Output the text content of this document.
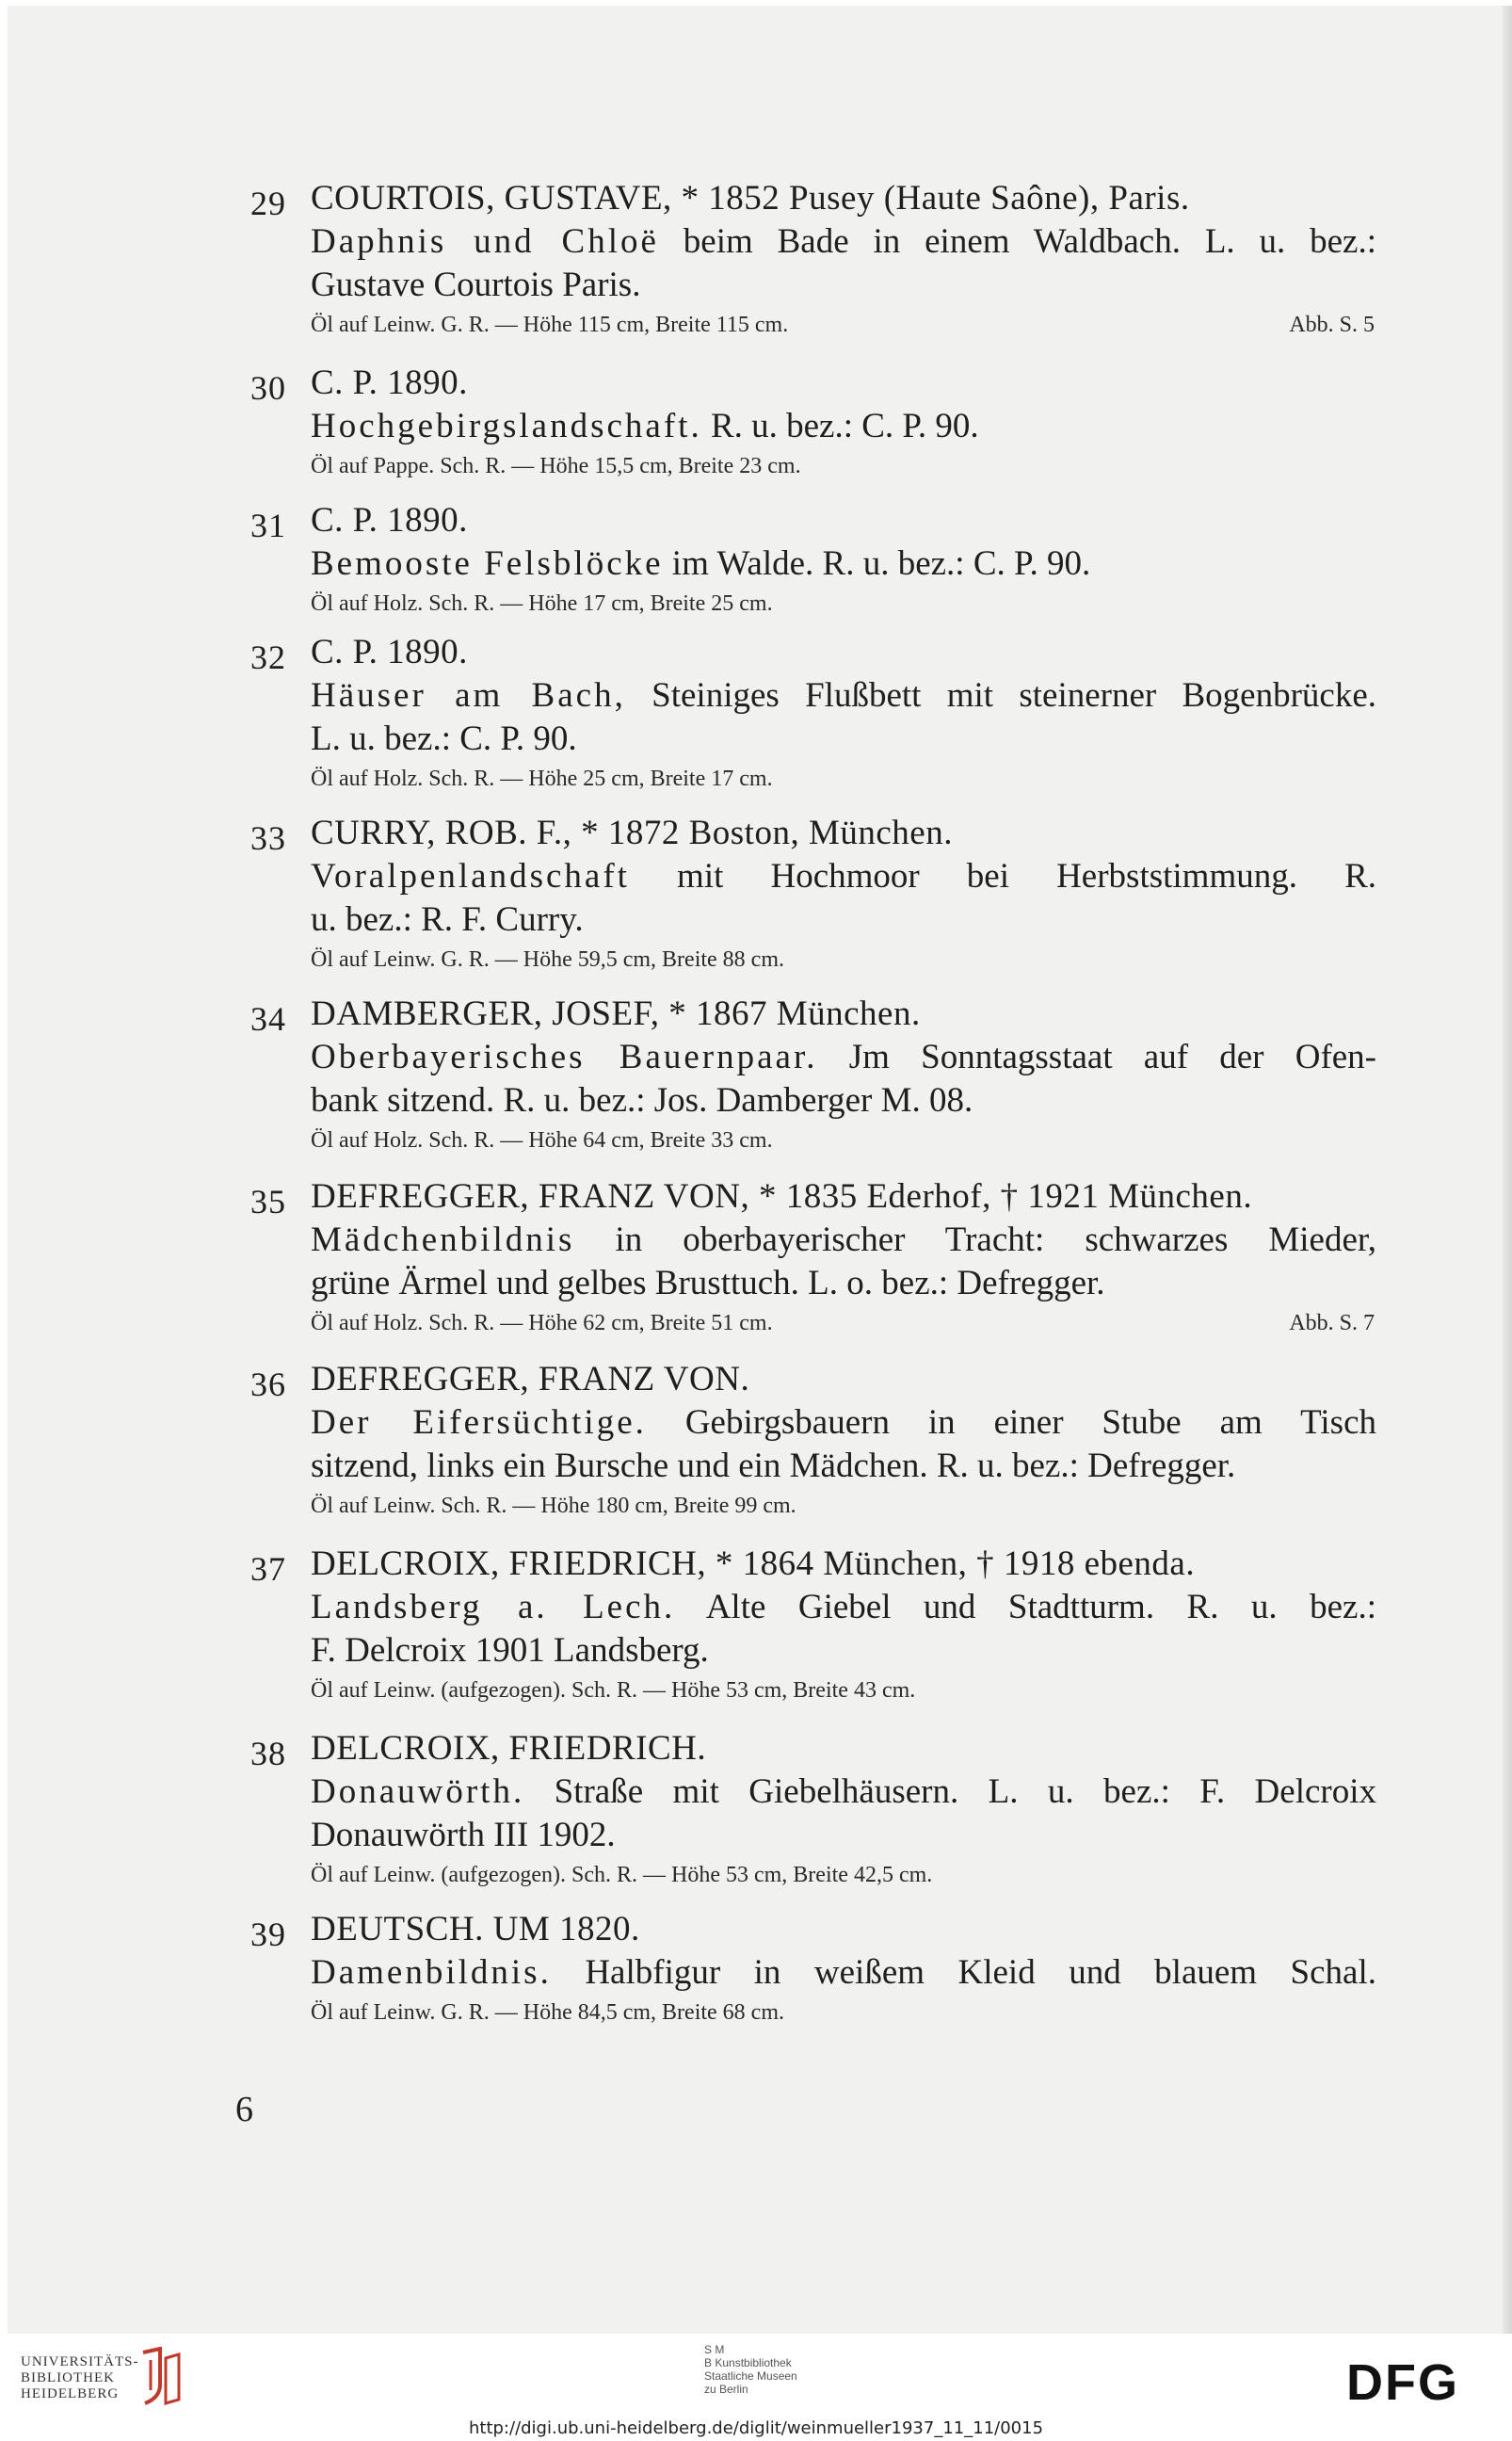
29 COURTOIS, GUSTAVE, * 1852 Pusey (Haute Saône), Paris.
Daphnis und Chloë beim Bade in einem Waldbach. L. u. bez.:
Gustave Courtois Paris.
Öl auf Leinw. G. R. — Höhe 115 cm, Breite 115 cm.	Abb. S. 5
30 C. P. 1890.
Hochgebirgslandschaft. R. u. bez.: C. P. 90.
Öl auf Pappe. Sch. R. — Höhe 15,5 cm, Breite 23 cm.
31 C. P. 1890.
Bemooste Felsblöcke im Walde. R. u. bez.: C. P. 90.
Öl auf Holz. Sch. R. — Höhe 17 cm, Breite 25 cm.
32 C. P. 1890.
Häuser am Bach, Steiniges Flußbett mit steinerner Bogenbrücke.
L. u. bez.: C. P. 90.
Öl auf Holz. Sch. R. — Höhe 25 cm, Breite 17 cm.
33 CURRY, ROB. F., * 1872 Boston, München.
Voralpenlandschaft mit Hochmoor bei Herbststimmung. R.
u. bez.: R. F. Curry.
Öl auf Leinw. G. R. — Höhe 59,5 cm, Breite 88 cm.
34 DAMBERGER, JOSEF, * 1867 München.
Oberbayerisches Bauernpaar. Jm Sonntagsstaat auf der Ofen-
bank sitzend. R. u. bez.: Jos. Damberger M. 08.
Öl auf Holz. Sch. R. — Höhe 64 cm, Breite 33 cm.
35 DEFREGGER, FRANZ VON, * 1835 Ederhof, † 1921 München.
Mädchenbildnis in oberbayerischer Tracht: schwarzes Mieder,
grüne Ärmel und gelbes Brusttuch. L. o. bez.: Defregger.
Öl auf Holz. Sch. R. — Höhe 62 cm, Breite 51 cm.	Abb. S. 7
36 DEFREGGER, FRANZ VON.
Der Eifersüchtige. Gebirgsbauern in einer Stube am Tisch
sitzend, links ein Bursche und ein Mädchen. R. u. bez.: Defregger.
Öl auf Leinw. Sch. R. — Höhe 180 cm, Breite 99 cm.
37 DELCROIX, FRIEDRICH, * 1864 München, † 1918 ebenda.
Landsberg a. Lech. Alte Giebel und Stadtturm. R. u. bez.:
F. Delcroix 1901 Landsberg.
Öl auf Leinw. (aufgezogen). Sch. R. — Höhe 53 cm, Breite 43 cm.
38 DELCROIX, FRIEDRICH.
Donauwörth. Straße mit Giebelhäusern. L. u. bez.: F. Delcroix
Donauwörth III 1902.
Öl auf Leinw. (aufgezogen). Sch. R. — Höhe 53 cm, Breite 42,5 cm.
39 DEUTSCH. UM 1820.
Damenbildnis. Halbfigur in weißem Kleid und blauem Schal.
Öl auf Leinw. G. R. — Höhe 84,5 cm, Breite 68 cm.
6
UNIVERSITÄTS-
BIBLIOTHEK
HEIDELBERG
S M
B Kunstbibliothek
Staatliche Museen
zu Berlin	DFG
http://digi.ub.uni-heidelberg.de/diglit/weinmueller1937_11_11/0015
